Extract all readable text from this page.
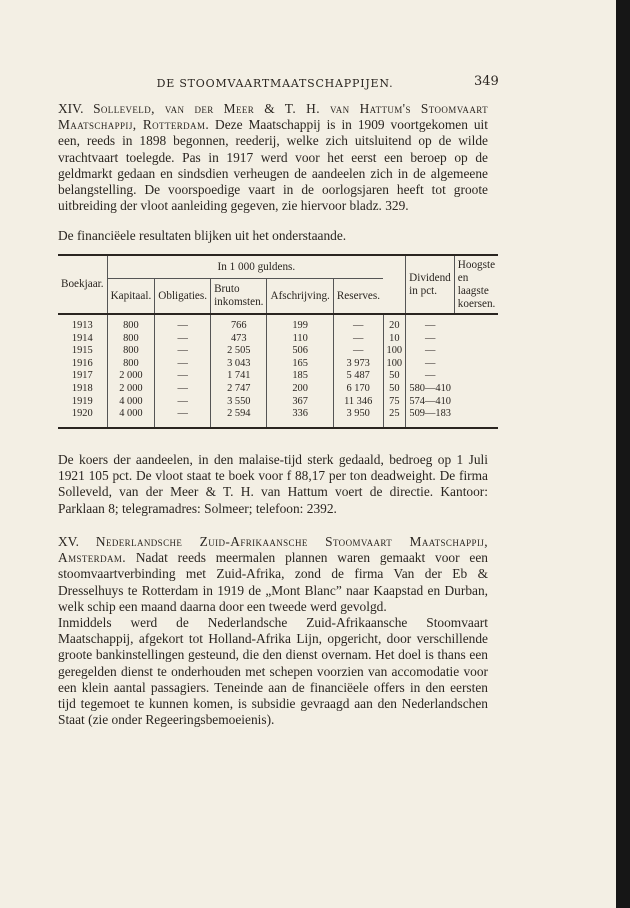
DE STOOMVAARTMAATSCHAPPIJEN.	349
XIV. Solleveld, van der Meer & T. H. van Hattum's Stoomvaart Maatschappij, Rotterdam. Deze Maatschappij is in 1909 voortgekomen uit een, reeds in 1898 begonnen, reederij, welke zich uitsluitend op de wilde vrachtvaart toelegde. Pas in 1917 werd voor het eerst een beroep op de geldmarkt gedaan en sindsdien verheugen de aandeelen zich in de algemeene belangstelling. De voorspoedige vaart in de oorlogsjaren heeft tot groote uitbreiding der vloot aanleiding gegeven, zie hiervoor bladz. 329.
De financiëele resultaten blijken uit het onderstaande.
Boekjaar.	In 1 000 guldens.						Dividend in pct.	Hoogste en laagste koersen.
	Kapitaal.	Obligaties.	Bruto inkomsten.	Afschrijving.	Reserves.			
1913	800	—	766	199	—	20	—	
1914	800	—	473	110	—	10	—	
1915	800	—	2 505	506	—	100	—	
1916	800	—	3 043	165	3 973	100	—	
1917	2 000	—	1 741	185	5 487	50	—	
1918	2 000	—	2 747	200	6 170	50	580—410	
1919	4 000	—	3 550	367	11 346	75	574—410	
1920	4 000	—	2 594	336	3 950	25	509—183	
De koers der aandeelen, in den malaise-tijd sterk gedaald, bedroeg op 1 Juli 1921 105 pct. De vloot staat te boek voor f 88,17 per ton deadweight. De firma Solleveld, van der Meer & T. H. van Hattum voert de directie. Kantoor: Parklaan 8; telegramadres: Solmeer; telefoon: 2392.
XV. Nederlandsche Zuid-Afrikaansche Stoomvaart Maatschappij, Amsterdam. Nadat reeds meermalen plannen waren gemaakt voor een stoomvaartverbinding met Zuid-Afrika, zond de firma Van der Eb & Dresselhuys te Rotterdam in 1919 de „Mont Blanc” naar Kaapstad en Durban, welk schip een maand daarna door een tweede werd gevolgd.
Inmiddels werd de Nederlandsche Zuid-Afrikaansche Stoomvaart Maatschappij, afgekort tot Holland-Afrika Lijn, opgericht, door verschillende groote bankinstellingen gesteund, die den dienst overnam. Het doel is thans een geregelden dienst te onderhouden met schepen voorzien van accomodatie voor een klein aantal passagiers. Teneinde aan de financiëele offers in den eersten tijd tegemoet te kunnen komen, is subsidie gevraagd aan den Nederlandschen Staat (zie onder Regeeringsbemoeienis).
